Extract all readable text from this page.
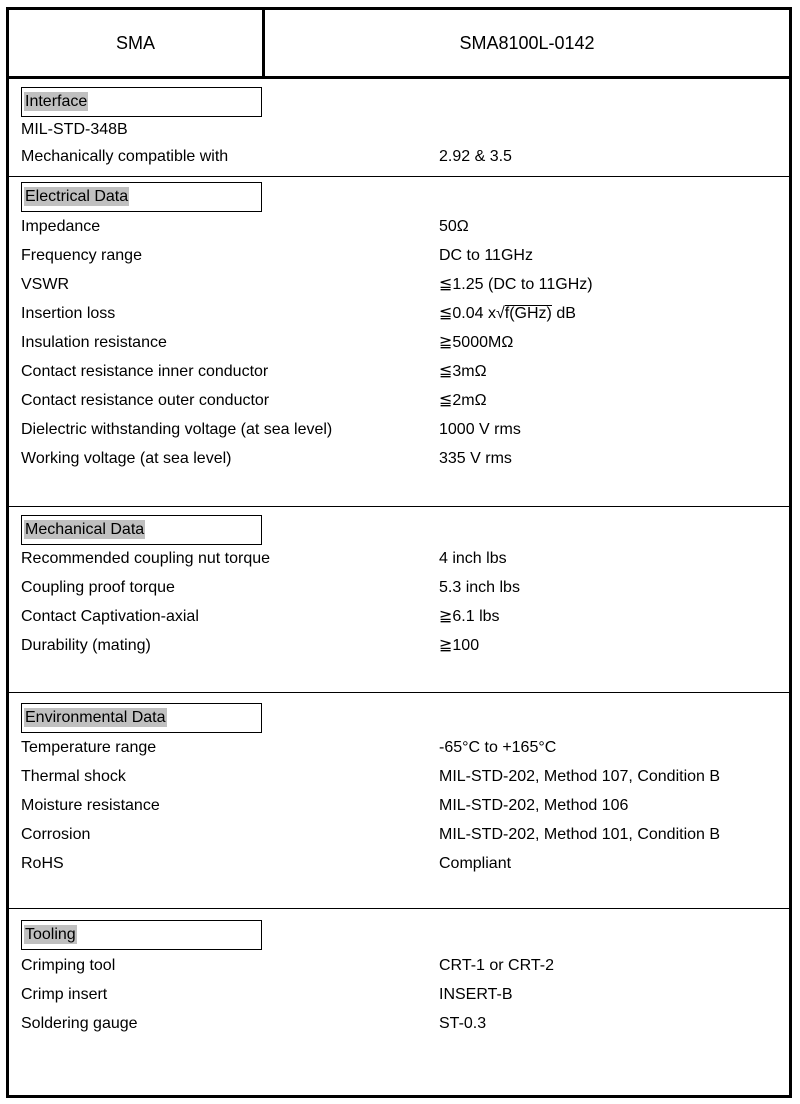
SMA	SMA8100L-0142
Interface
MIL-STD-348B
Mechanically compatible with	2.92 & 3.5
Electrical Data
Impedance	50Ω
Frequency range	DC to 11GHz
VSWR	≦1.25 (DC to 11GHz)
Insertion loss	≦0.04 x√f(GHz) dB
Insulation resistance	≧5000MΩ
Contact resistance inner conductor	≦3mΩ
Contact resistance outer conductor	≦2mΩ
Dielectric withstanding voltage (at sea level)	1000 V rms
Working voltage (at sea level)	335 V rms
Mechanical Data
Recommended coupling nut torque	4 inch lbs
Coupling proof torque	5.3 inch lbs
Contact Captivation-axial	≧6.1 lbs
Durability (mating)	≧100
Environmental Data
Temperature range	-65°C to +165°C
Thermal shock	MIL-STD-202, Method 107, Condition B
Moisture resistance	MIL-STD-202, Method 106
Corrosion	MIL-STD-202, Method 101, Condition B
RoHS	Compliant
Tooling
Crimping tool	CRT-1 or CRT-2
Crimp insert	INSERT-B
Soldering gauge	ST-0.3
